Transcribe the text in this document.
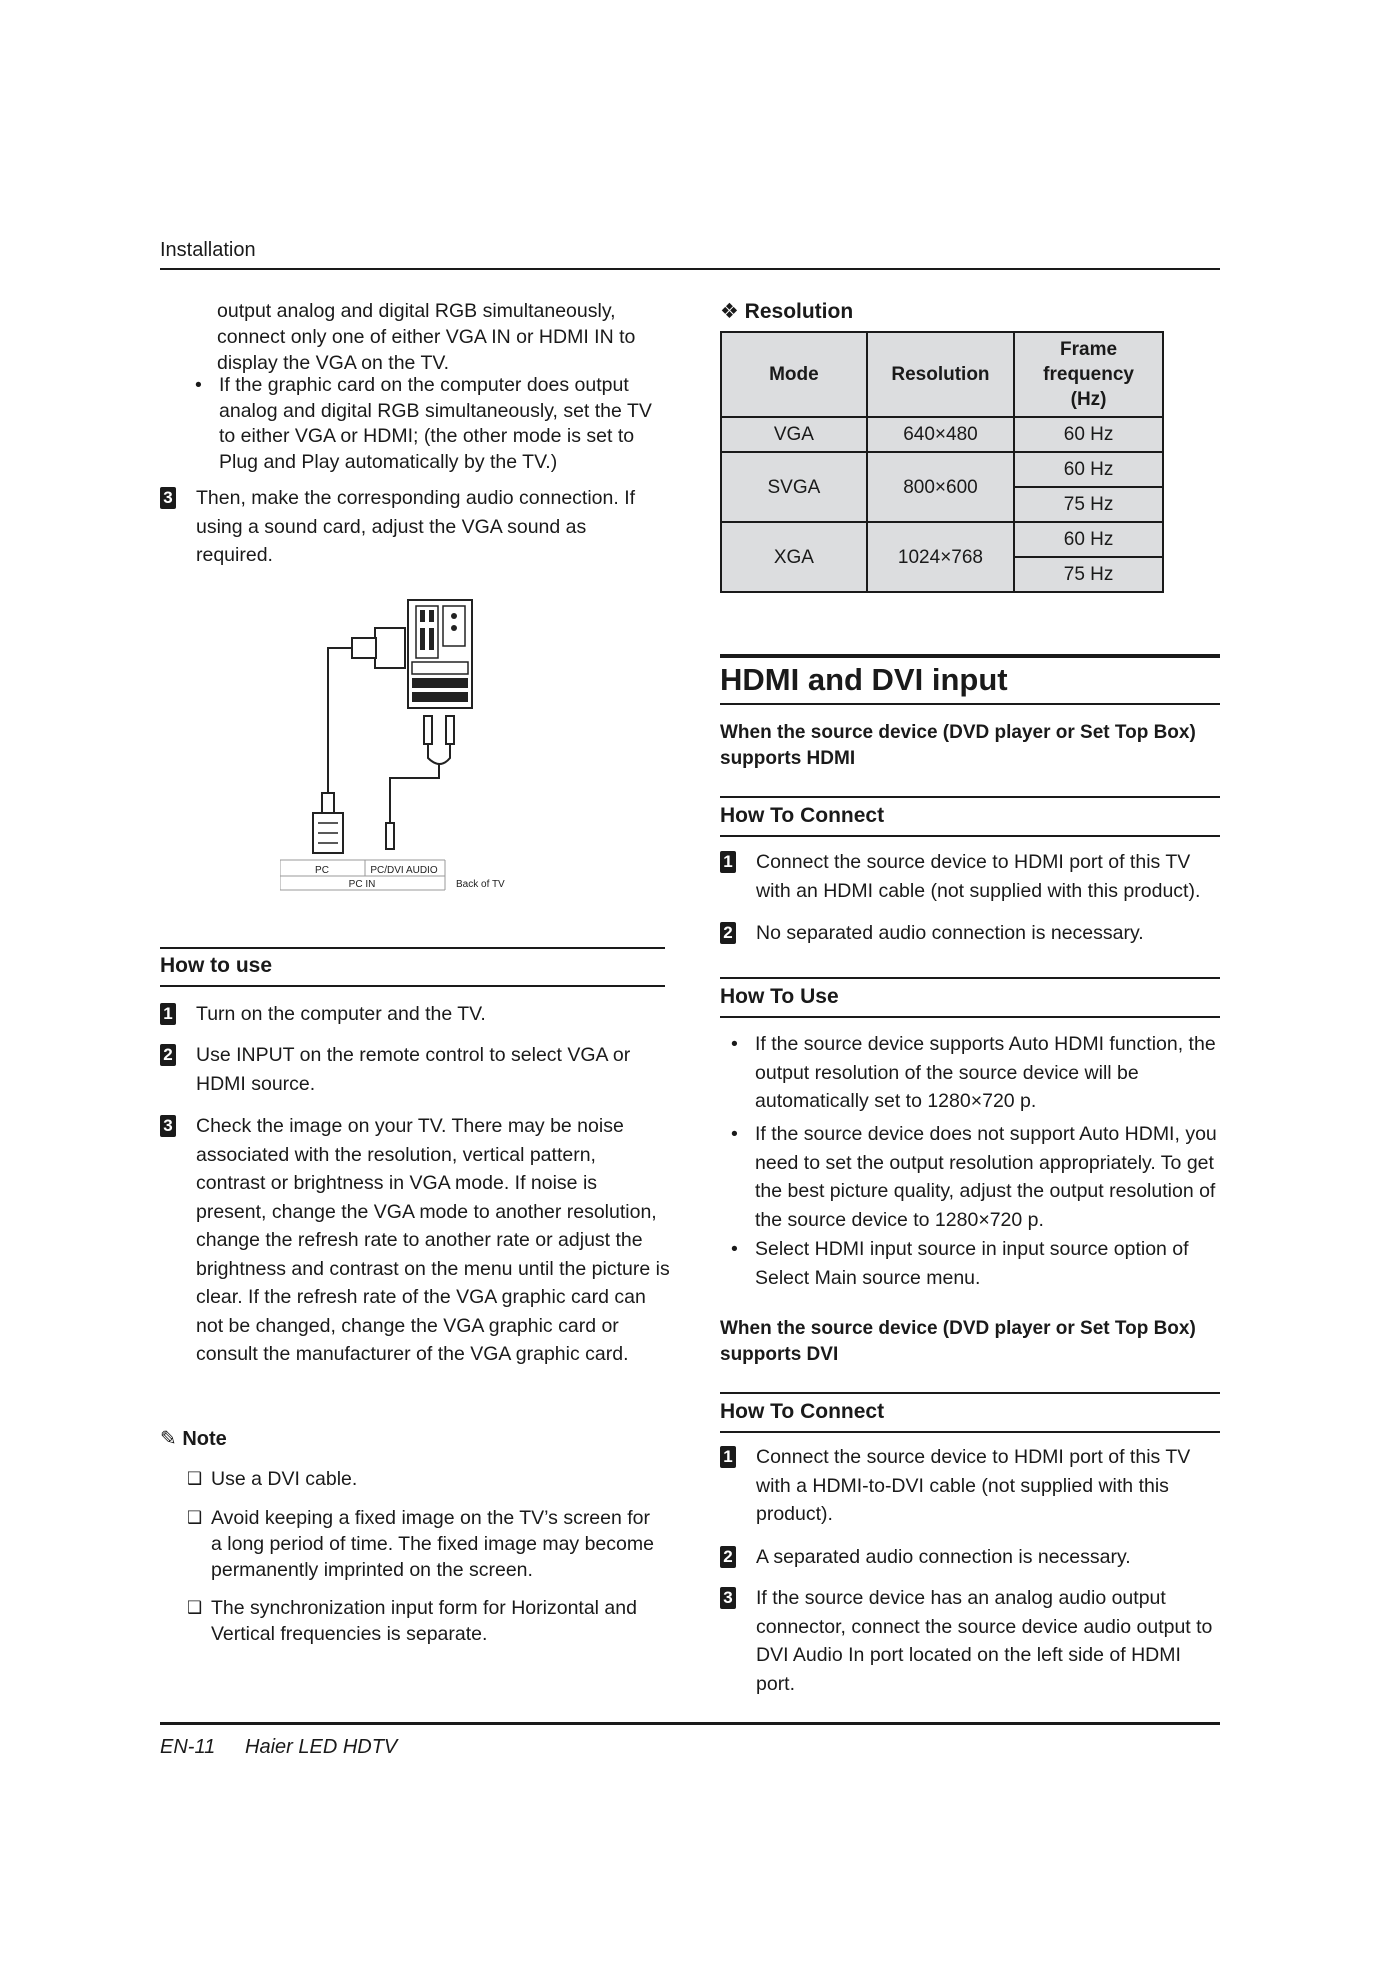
Installation
output analog and digital RGB simultaneously,
connect only one of either VGA IN or HDMI IN to
display the VGA on the TV.
• If the graphic card on the computer does output analog and digital RGB simultaneously, set the TV to either VGA or HDMI; (the other mode is set to Plug and Play automatically by the TV.)
3 Then, make the corresponding audio connection. If using a sound card, adjust the VGA sound as required.
PC	PC/DVI AUDIO
PC IN	Back of TV
How to use
1 Turn on the computer and the TV.
2 Use INPUT on the remote control to select VGA or HDMI source.
3 Check the image on your TV. There may be noise associated with the resolution, vertical pattern, contrast or brightness in VGA mode. If noise is present, change the VGA mode to another resolution, change the refresh rate to another rate or adjust the brightness and contrast on the menu until the picture is clear. If the refresh rate of the VGA graphic card can not be changed, change the VGA graphic card or consult the manufacturer of the VGA graphic card.
✎ Note
❑ Use a DVI cable.
❑ Avoid keeping a fixed image on the TV’s screen for a long period of time. The fixed image may become permanently imprinted on the screen.
❑ The synchronization input form for Horizontal and Vertical frequencies is separate.
❖ Resolution
Mode	Resolution	Frame frequency (Hz)
VGA	640×480	60 Hz
SVGA	800×600	60 Hz
		75 Hz
XGA	1024×768	60 Hz
		75 Hz
HDMI and DVI input
When the source device (DVD player or Set Top Box) supports HDMI
How To Connect
1 Connect the source device to HDMI port of this TV with an HDMI cable (not supplied with this product).
2 No separated audio connection is necessary.
How To Use
• If the source device supports Auto HDMI function, the output resolution of the source device will be automatically set to 1280×720 p.
• If the source device does not support Auto HDMI, you need to set the output resolution appropriately. To get the best picture quality, adjust the output resolution of the source device to 1280×720 p.
• Select HDMI input source in input source option of Select Main source menu.
When the source device (DVD player or Set Top Box) supports DVI
How To Connect
1 Connect the source device to HDMI port of this TV with a HDMI-to-DVI cable (not supplied with this product).
2 A separated audio connection is necessary.
3 If the source device has an analog audio output connector, connect the source device audio output to DVI Audio In port located on the left side of HDMI port.
EN-11 Haier LED HDTV
